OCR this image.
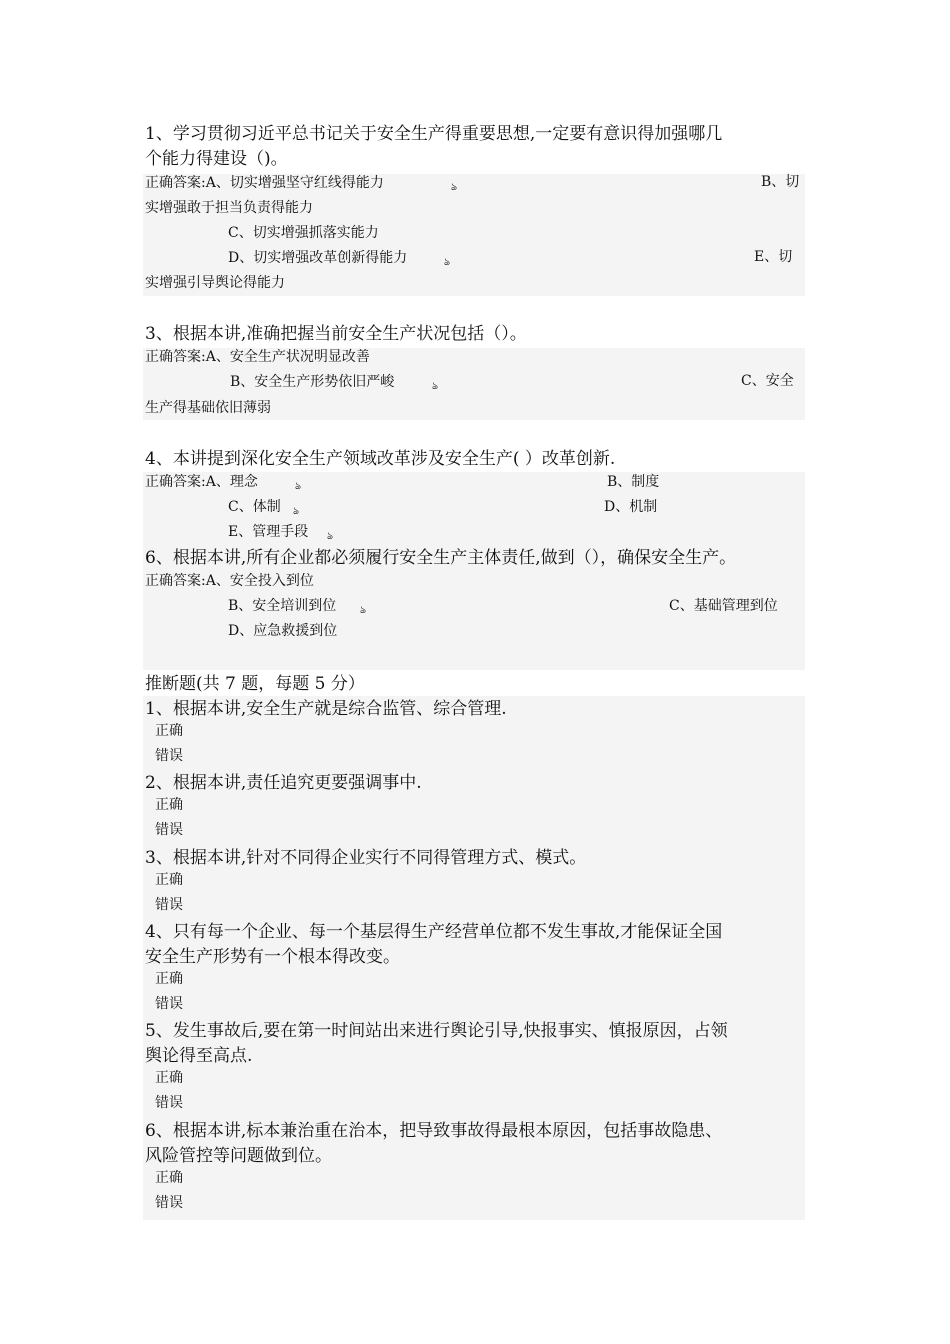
1、学习贯彻习近平总书记关于安全生产得重要思想,一定要有意识得加强哪几
个能力得建设（)。
正确答案:A、切实增强坚守红线得能力	ঌ	B、切
实增强敢于担当负责得能力
C、切实增强抓落实能力
D、切实增强改革创新得能力	ঌ	E、切
实增强引导舆论得能力
3、根据本讲,准确把握当前安全生产状况包括（）。
正确答案:A、安全生产状况明显改善
B、安全生产形势依旧严峻	ঌ	C、安全
生产得基础依旧薄弱
4、本讲提到深化安全生产领域改革涉及安全生产( ）改革创新.
正确答案:A、理念	ঌ	B、制度
C、体制 ঌ	D、机制
E、管理手段 ঌ
6、根据本讲,所有企业都必须履行安全生产主体责任,做到（），确保安全生产。
正确答案:A、安全投入到位
B、安全培训到位 ঌ	C、基础管理到位
D、应急救援到位
推断题(共 7 题，每题 5 分）
1、根据本讲,安全生产就是综合监管、综合管理.
正确
错误
2、根据本讲,责任追究更要强调事中.
正确
错误
3、根据本讲,针对不同得企业实行不同得管理方式、模式。
正确
错误
4、只有每一个企业、每一个基层得生产经营单位都不发生事故,才能保证全国
安全生产形势有一个根本得改变。
正确
错误
5、发生事故后,要在第一时间站出来进行舆论引导,快报事实、慎报原因，占领
舆论得至高点.
正确
错误
6、根据本讲,标本兼治重在治本，把导致事故得最根本原因，包括事故隐患、
风险管控等问题做到位。
正确
错误
